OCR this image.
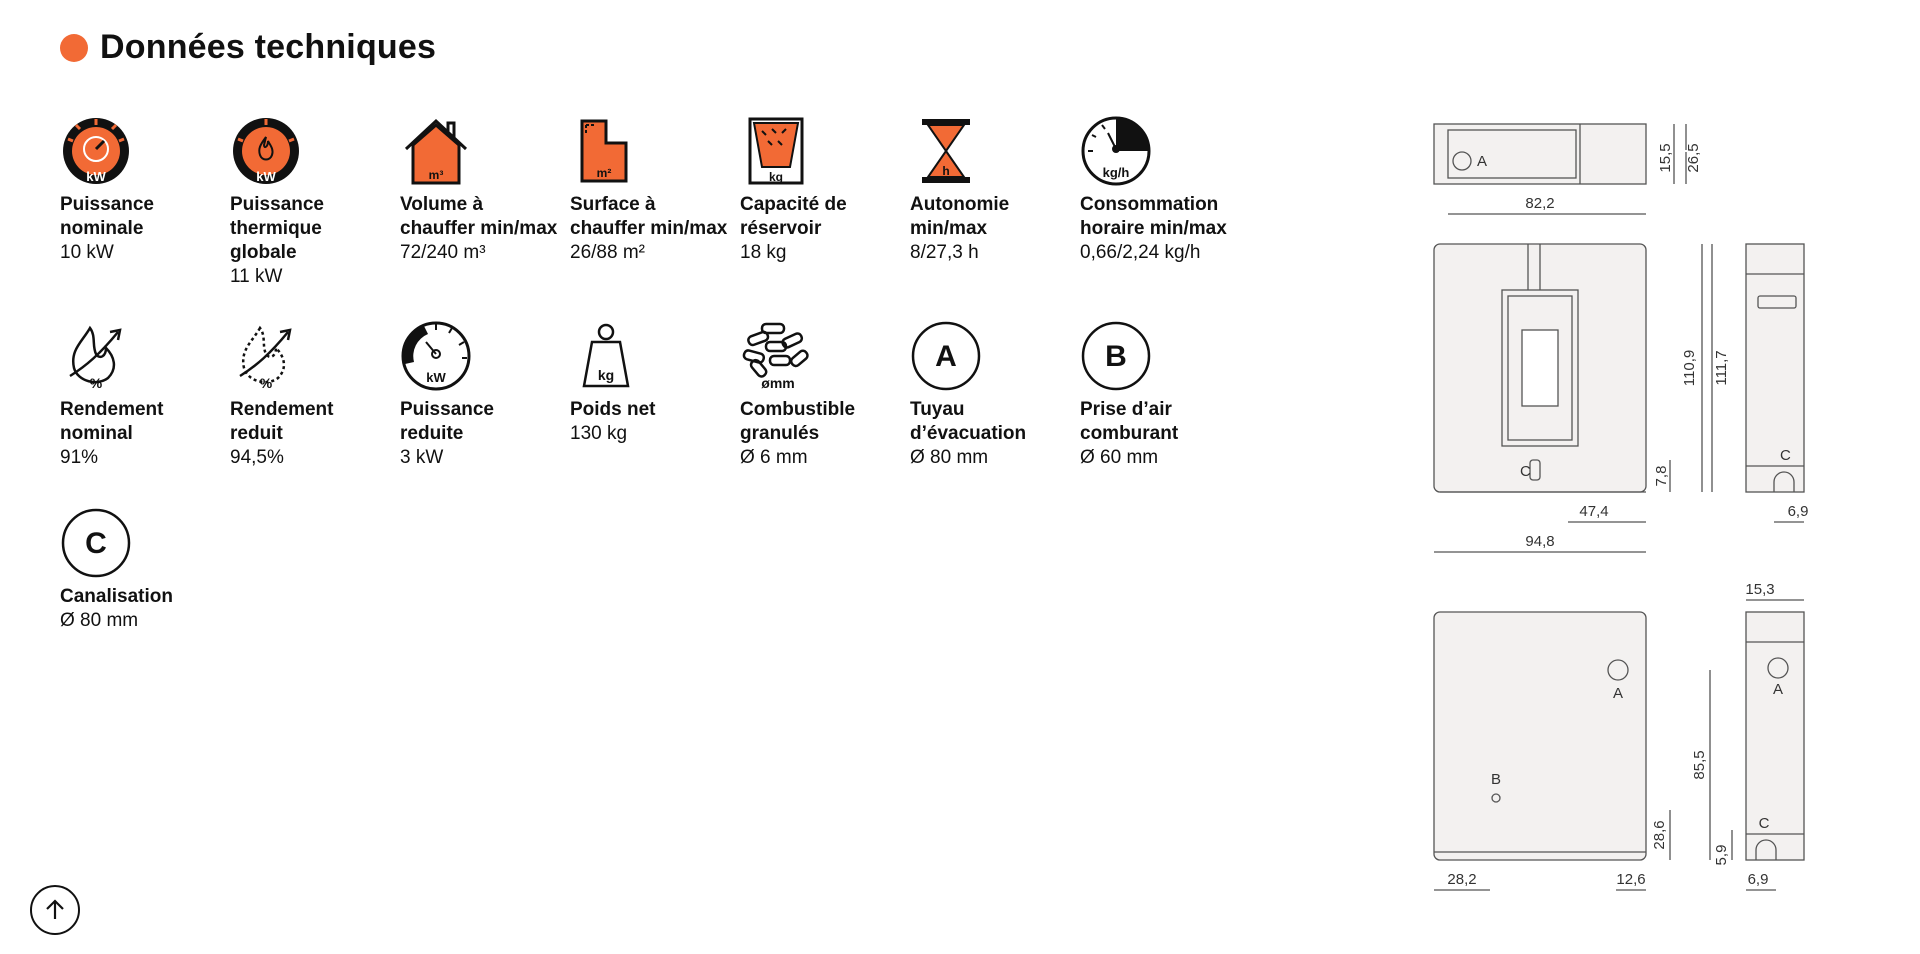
Données techniques
kW
Puissance nominale
10 kW
kW
Puissance thermique globale
11 kW
m³
Volume à chauffer min/max
72/240 m³
m²
Surface à chauffer min/max
26/88 m²
kg
Capacité de réservoir
18 kg
h
Autonomie min/max
8/27,3 h
kg/h
Consommation horaire min/max
0,66/2,24 kg/h
%
Rendement nominal
91%
%
Rendement reduit
94,5%
kW
Puissance reduite
3 kW
kg
Poids net
130 kg
ømm
Combustible granulés
Ø 6 mm
A
Tuyau d’évacuation
Ø 80 mm
B
Prise d’air comburant
Ø 60 mm
C
Canalisation
Ø 80 mm
A
82,2
15,5 26,5
C
110,9 111,7
7,8
47,4
94,8
C
6,9
A
B
28,2	12,6
28,6
85,5
A
C
15,3
5,9
6,9
